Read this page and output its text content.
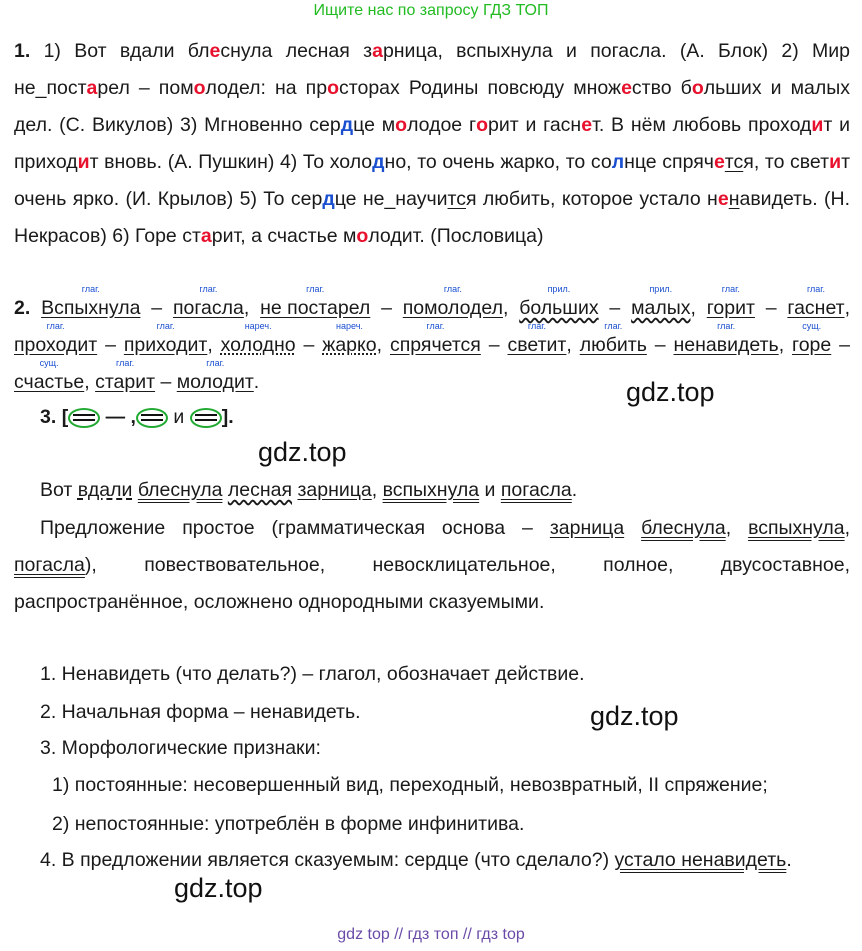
Ищите нас по запросу ГДЗ ТОП
1. 1) Вот вдали блеснула лесная зарница, вспыхнула и погасла. (А. Блок) 2) Мир не_постарел – помолодел: на просторах Родины повсюду множество больших и малых дел. (С. Викулов) 3) Мгновенно сердце молодое горит и гаснет. В нём любовь проходит и приходит вновь. (А. Пушкин) 4) То холодно, то очень жарко, то солнце спрячется, то светит очень ярко. (И. Крылов) 5) То сердце не_научится любить, которое устало ненавидеть. (Н. Некрасов) 6) Горе старит, а счастье молодит. (Пословица)
2.
глаг.
Вспыхнула –
глаг.
погасла,
глаг.
не постарел –
глаг.
помолодел,
прил.
больших –
прил.
малых,
глаг.
горит –
глаг.
гаснет,
глаг.
проходит –
глаг.
приходит,
нареч.
холодно –
нареч.
жарко,
глаг.
спрячется –
глаг.
светит,
глаг.
любить –
глаг.
ненавидеть,
сущ.
горе –
сущ.
счастье,
глаг.
старит –
глаг.
молодит.
3. [ — , и ].
Вот вдали блеснула лесная зарница, вспыхнула и погасла.
Предложение простое (грамматическая основа – зарница блеснула, вспыхнула, погасла), повествовательное, невосклицательное, полное, двусоставное, распространённое, осложнено однородными сказуемыми.
1. Ненавидеть (что делать?) – глагол, обозначает действие.
2. Начальная форма – ненавидеть.
3. Морфологические признаки:
1) постоянные: несовершенный вид, переходный, невозвратный, II спряжение;
2) непостоянные: употреблён в форме инфинитива.
4. В предложении является сказуемым: сердце (что сделало?) устало ненавидеть.
gdz.top
gdz.top
gdz.top
gdz.top
gdz top // гдз топ // гдз top
